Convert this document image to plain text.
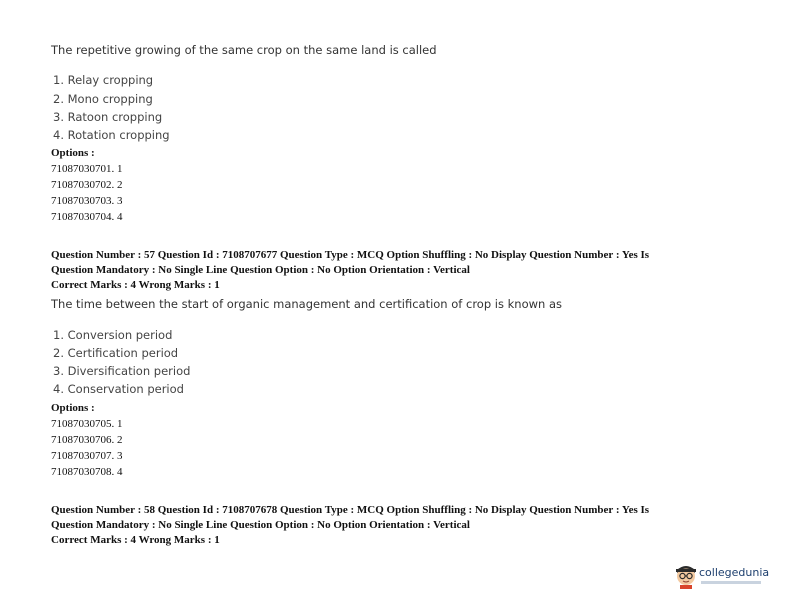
The repetitive growing of the same crop on the same land is called
1. Relay cropping
2. Mono cropping
3. Ratoon cropping
4. Rotation cropping
Options :
71087030701. 1
71087030702. 2
71087030703. 3
71087030704. 4
Question Number : 57 Question Id : 7108707677 Question Type : MCQ Option Shuffling : No Display Question Number : Yes Is
Question Mandatory : No Single Line Question Option : No Option Orientation : Vertical
Correct Marks : 4 Wrong Marks : 1
The time between the start of organic management and certification of crop is known as
1. Conversion period
2. Certification period
3. Diversification period
4. Conservation period
Options :
71087030705. 1
71087030706. 2
71087030707. 3
71087030708. 4
Question Number : 58 Question Id : 7108707678 Question Type : MCQ Option Shuffling : No Display Question Number : Yes Is
Question Mandatory : No Single Line Question Option : No Option Orientation : Vertical
Correct Marks : 4 Wrong Marks : 1
collegedunia
